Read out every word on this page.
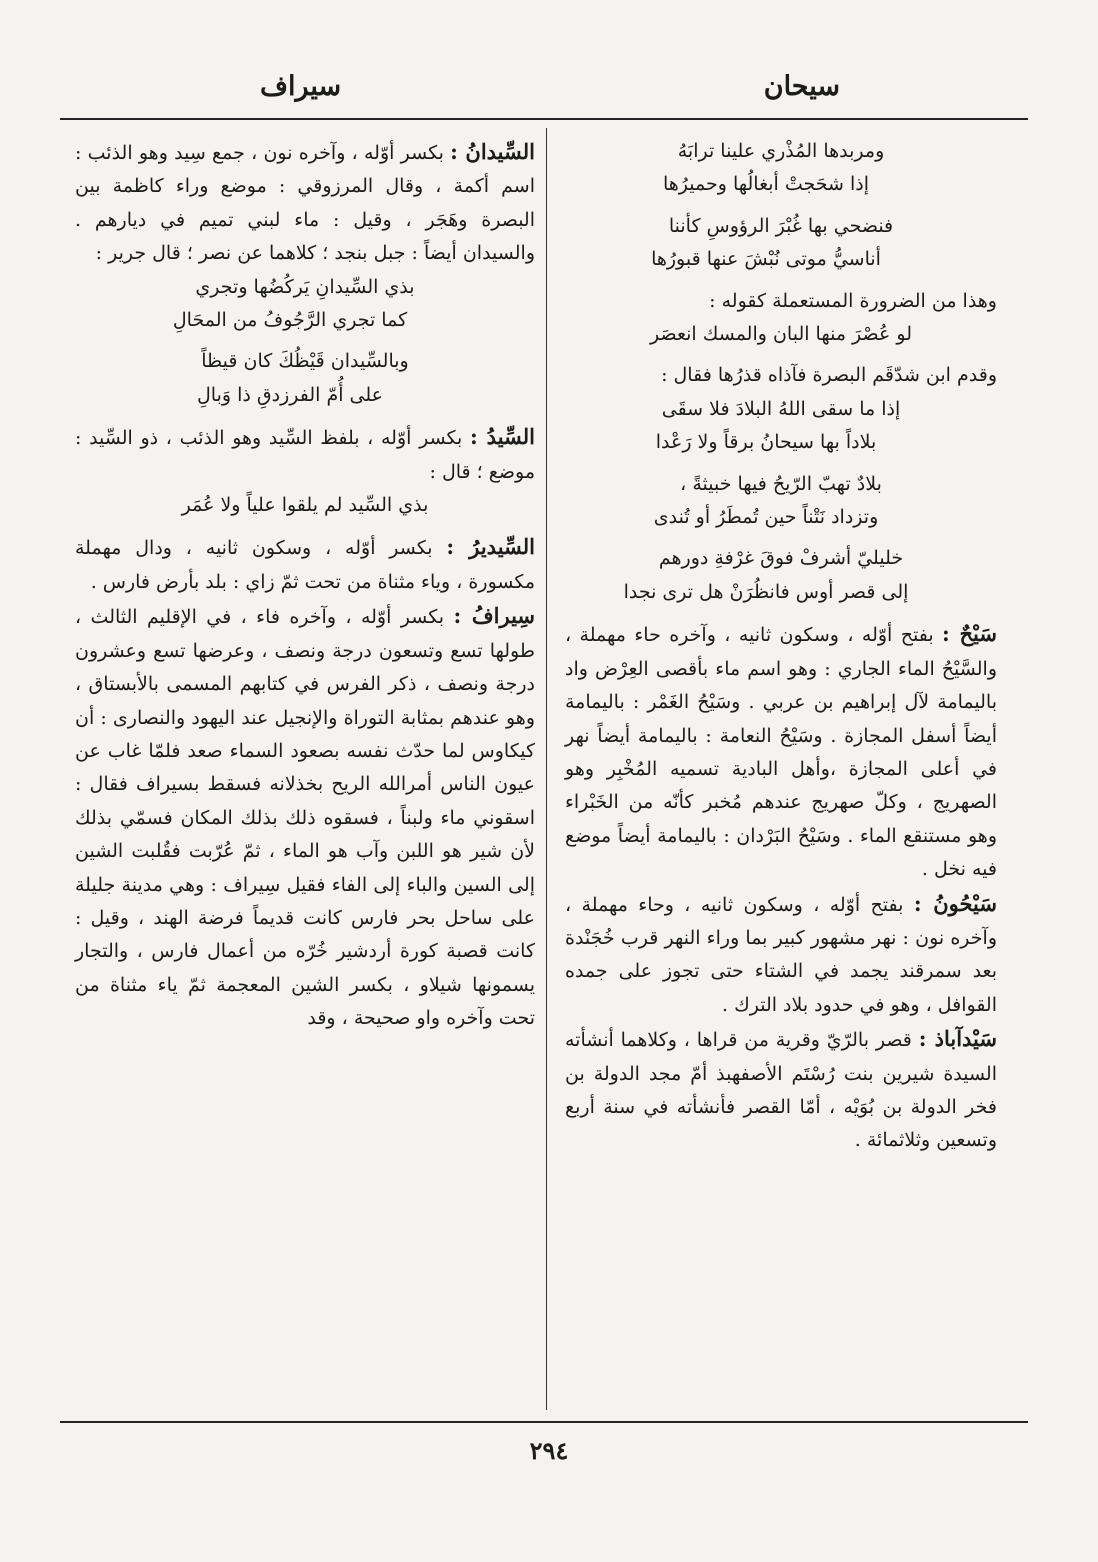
سيحان
سيراف
ومربدها المُذْري علينا ترابَهُ
إذا شحَجتْ أبغالُها وحميرُها
فنضحي بها غُبْرَ الرؤوسِ كأننا
أناسيُّ موتى نُبْشَ عنها قبورُها

وهذا من الضرورة المستعملة كقوله :

لو عُصْرَ منها البان والمسك انعصَر

وقدم ابن شدّقَم البصرة فآذاه قذرُها فقال :

إذا ما سقى اللهُ البلادَ فلا سقَى
بلاداً بها سيحانُ برقاً ولا رَعْدا
بلادٌ تهبّ الرّيحُ فيها خبيثةً ،
وتزداد نَتْناً حين تُمطَرُ أو تُندى
خليليّ أشرفْ فوقَ غرْفةِ دورهم
إلى قصر أوس فانظُرَنْ هل ترى نجدا

سَيْحٌ : بفتح أوّله ، وسكون ثانيه ، وآخره حاء مهملة ، والسَّيْحُ الماء الجاري : وهو اسم ماء بأقصى العِرْض واد باليمامة لآل إبراهيم بن عربي . وسَيْحُ الغَمْر : باليمامة أيضاً أسفل المجازة . وسَيْحُ النعامة : باليمامة أيضاً نهر في أعلى المجازة ،وأهل البادية تسميه المُخْبِر وهو الصهريج ، وكلّ صهريج عندهم مُخبر كأنّه من الخَبْراء وهو مستنقع الماء . وسَيْحُ البَرْدان : باليمامة أيضاً موضع فيه نخل .

سَيْحُونُ : بفتح أوّله ، وسكون ثانيه ، وحاء مهملة ، وآخره نون : نهر مشهور كبير بما وراء النهر قرب خُجَنْدة بعد سمرقند يجمد في الشتاء حتى تجوز على جمده القوافل ، وهو في حدود بلاد الترك .

سَيْدآباذ : قصر بالرّيّ وقرية من قراها ، وكلاهما أنشأته السيدة شيرين بنت رُسْتَم الأصفهبذ أمّ مجد الدولة بن فخر الدولة بن بُوَيْه ، أمّا القصر فأنشأته في سنة أربع وتسعين وثلاثمائة .

السِّيدانُ : بكسر أوّله ، وآخره نون ، جمع سِيد وهو الذئب : اسم أكمة ، وقال المرزوقي : موضع وراء كاظمة بين البصرة وهَجَر ، وقيل : ماء لبني تميم في ديارهم . والسيدان أيضاً : جبل بنجد ؛ كلاهما عن نصر ؛ قال جرير :

بذي السِّيدانِ يَركُضُها وتجري
كما تجري الرَّجُوفُ من المحَالِ
وبالسِّيدان قَيْظُكَ كان قيظاً
على أُمّ الفرزدقِ ذا وَبالِ

السِّيدُ : بكسر أوّله ، بلفظ السِّيد وهو الذئب ، ذو السِّيد : موضع ؛ قال :

بذي السِّيد لم يلقوا علياً ولا عُمَر

السِّيديرُ : بكسر أوّله ، وسكون ثانيه ، ودال مهملة مكسورة ، وياء مثناة من تحت ثمّ زاي : بلد بأرض فارس .

سِيرافُ : بكسر أوّله ، وآخره فاء ، في الإقليم الثالث ، طولها تسع وتسعون درجة ونصف ، وعرضها تسع وعشرون درجة ونصف ، ذكر الفرس في كتابهم المسمى بالأبستاق ، وهو عندهم بمثابة التوراة والإنجيل عند اليهود والنصارى : أن كيكاوس لما حدّث نفسه بصعود السماء صعد فلمّا غاب عن عيون الناس أمرالله الريح بخذلانه فسقط بسيراف فقال : اسقوني ماء ولبناً ، فسقوه ذلك بذلك المكان فسمّي بذلك لأن شير هو اللبن وآب هو الماء ، ثمّ عُرّبت فقُلبت الشين إلى السين والباء إلى الفاء فقيل سِيراف : وهي مدينة جليلة على ساحل بحر فارس كانت قديماً فرضة الهند ، وقيل : كانت قصبة كورة أردشير خُرّه من أعمال فارس ، والتجار يسمونها شيلاو ، بكسر الشين المعجمة ثمّ ياء مثناة من تحت وآخره واو صحيحة ، وقد

٢٩٤
